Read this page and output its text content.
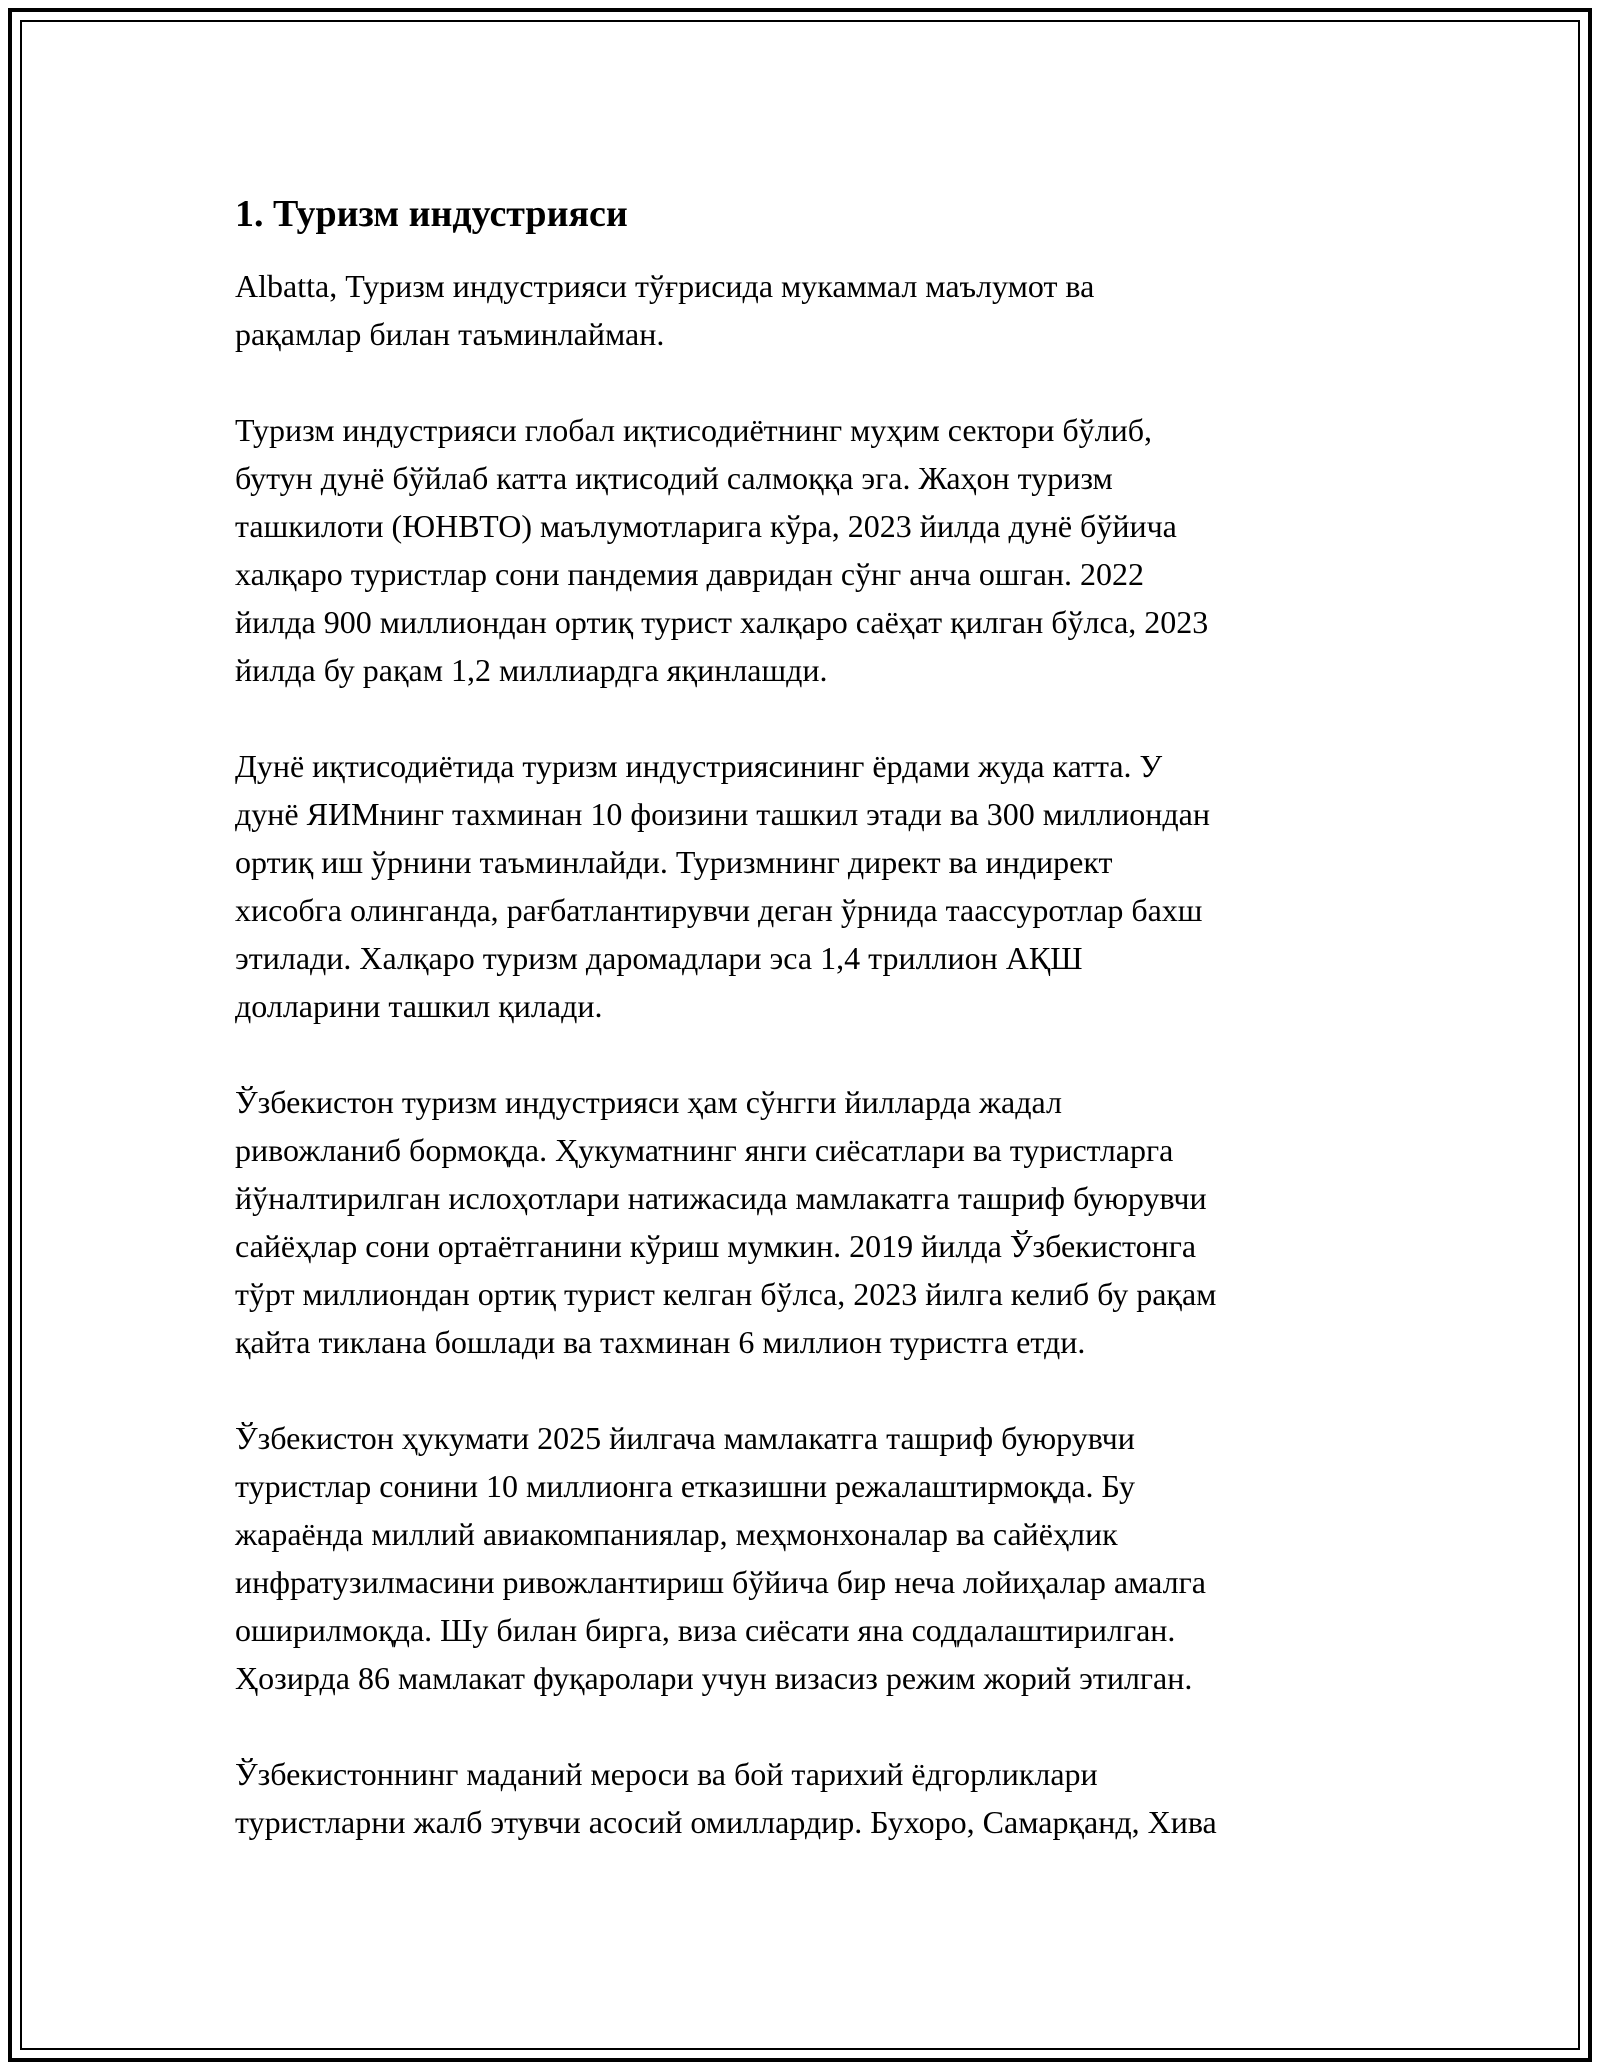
1. Туризм индустрияси

Albatta, Туризм индустрияси тўғрисида мукаммал маълумот ва
рақамлар билан таъминлайман.

Туризм индустрияси глобал иқтисодиётнинг муҳим сектори бўлиб,
бутун дунё бўйлаб катта иқтисодий салмоққа эга. Жаҳон туризм
ташкилоти (ЮНВТО) маълумотларига кўра, 2023 йилда дунё бўйича
халқаро туристлар сони пандемия давридан сўнг анча ошган. 2022
йилда 900 миллиондан ортиқ турист халқаро саёҳат қилган бўлса, 2023
йилда бу рақам 1,2 миллиардга яқинлашди.

Дунё иқтисодиётида туризм индустриясининг ёрдами жуда катта. У
дунё ЯИМнинг тахминан 10 фоизини ташкил этади ва 300 миллиондан
ортиқ иш ўрнини таъминлайди. Туризмнинг директ ва индирект
хисобга олинганда, рағбатлантирувчи деган ўрнида таассуротлар бахш
этилади. Халқаро туризм даромадлари эса 1,4 триллион АҚШ
долларини ташкил қилади.

Ўзбекистон туризм индустрияси ҳам сўнгги йилларда жадал
ривожланиб бормоқда. Ҳукуматнинг янги сиёсатлари ва туристларга
йўналтирилган ислоҳотлари натижасида мамлакатга ташриф буюрувчи
сайёҳлар сони ортаётганини кўриш мумкин. 2019 йилда Ўзбекистонга
тўрт миллиондан ортиқ турист келган бўлса, 2023 йилга келиб бу рақам
қайта тиклана бошлади ва тахминан 6 миллион туристга етди.

Ўзбекистон ҳукумати 2025 йилгача мамлакатга ташриф буюрувчи
туристлар сонини 10 миллионга етказишни режалаштирмоқда. Бу
жараёнда миллий авиакомпаниялар, меҳмонхоналар ва сайёҳлик
инфратузилмасини ривожлантириш бўйича бир неча лойиҳалар амалга
оширилмоқда. Шу билан бирга, виза сиёсати яна соддалаштирилган.
Ҳозирда 86 мамлакат фуқаролари учун визасиз режим жорий этилган.

Ўзбекистоннинг маданий мероси ва бой тарихий ёдгорликлари
туристларни жалб этувчи асосий омиллардир. Бухоро, Самарқанд, Хива
